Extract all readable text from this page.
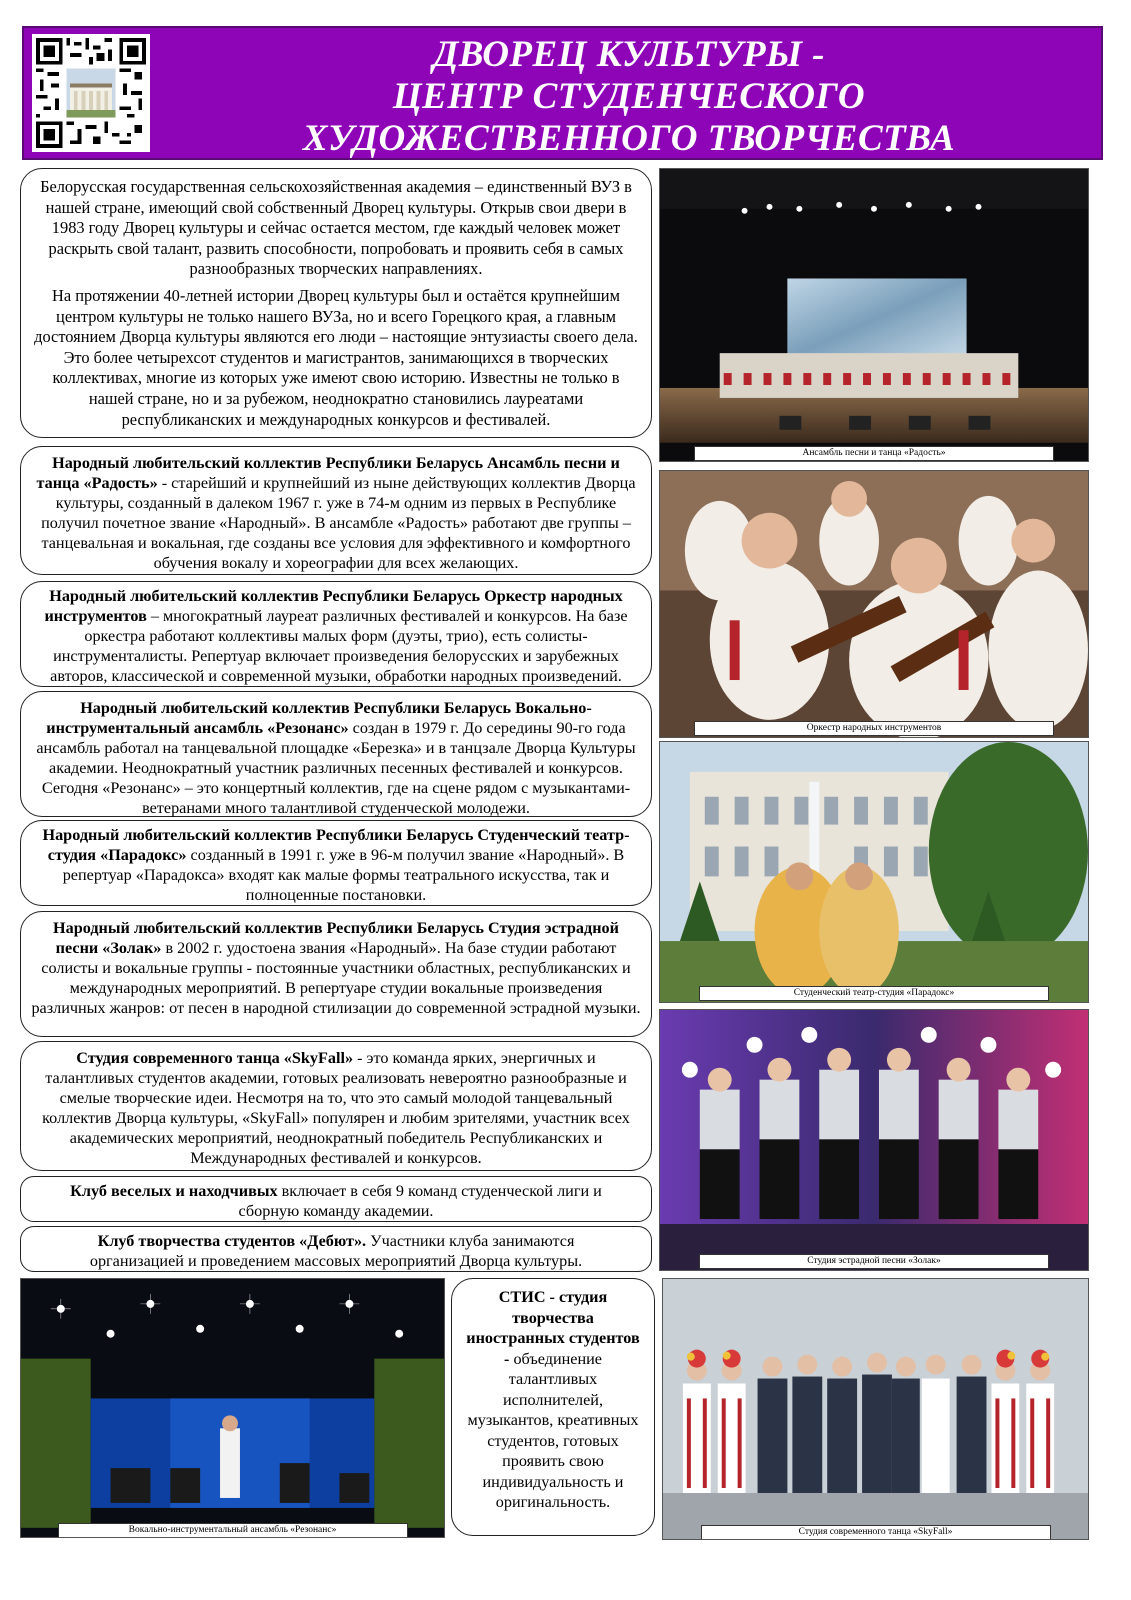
ДВОРЕЦ КУЛЬТУРЫ -
ЦЕНТР СТУДЕНЧЕСКОГО
ХУДОЖЕСТВЕННОГО ТВОРЧЕСТВА

Белорусская государственная сельскохозяйственная академия – единственный ВУЗ в нашей стране, имеющий свой собственный Дворец культуры. Открыв свои двери в 1983 году Дворец культуры и сейчас остается местом, где каждый человек может раскрыть свой талант, развить способности, попробовать и проявить себя в самых разнообразных творческих направлениях.

На протяжении 40-летней истории Дворец культуры был и остаётся крупнейшим центром культуры не только нашего ВУЗа, но и всего Горецкого края, а главным достоянием Дворца культуры являются его люди – настоящие энтузиасты своего дела. Это более четырехсот студентов и магистрантов, занимающихся в творческих коллективах, многие из которых уже имеют свою историю. Известны не только в нашей стране, но и за рубежом, неоднократно становились лауреатами республиканских и международных конкурсов и фестивалей.

Народный любительский коллектив Республики Беларусь Ансамбль песни и танца «Радость» - старейший и крупнейший из ныне действующих коллектив Дворца культуры, созданный в далеком 1967 г. уже в 74-м одним из первых в Республике получил почетное звание «Народный». В ансамбле «Радость» работают две группы – танцевальная и вокальная, где созданы все условия для эффективного и комфортного обучения вокалу и хореографии для всех желающих.

Народный любительский коллектив Республики Беларусь Оркестр народных инструментов – многократный лауреат различных фестивалей и конкурсов. На базе оркестра работают коллективы малых форм (дуэты, трио), есть солисты-инструменталисты. Репертуар включает произведения белорусских и зарубежных авторов, классической и современной музыки, обработки народных произведений.

Народный любительский коллектив Республики Беларусь Вокально-инструментальный ансамбль «Резонанс» создан в 1979 г. До середины 90-го года ансамбль работал на танцевальной площадке «Березка» и в танцзале Дворца Культуры академии. Неоднократный участник различных песенных фестивалей и конкурсов. Сегодня «Резонанс» – это концертный коллектив, где на сцене рядом с музыкантами-ветеранами много талантливой студенческой молодежи.

Народный любительский коллектив Республики Беларусь Студенческий театр-студия «Парадокс» созданный в 1991 г. уже в 96-м получил звание «Народный». В репертуар «Парадокса» входят как малые формы театрального искусства, так и полноценные постановки.

Народный любительский коллектив Республики Беларусь Студия эстрадной песни «Золак» в 2002 г. удостоена звания «Народный». На базе студии работают солисты и вокальные группы - постоянные участники областных, республиканских и международных мероприятий. В репертуаре студии вокальные произведения различных жанров: от песен в народной стилизации до современной эстрадной музыки.

Студия современного танца «SkyFall» - это команда ярких, энергичных и талантливых студентов академии, готовых реализовать невероятно разнообразные и смелые творческие идеи. Несмотря на то, что это самый молодой танцевальный коллектив Дворца культуры, «SkyFall» популярен и любим зрителями, участник всех академических мероприятий, неоднократный победитель Республиканских и Международных фестивалей и конкурсов.

Клуб веселых и находчивых включает в себя 9 команд студенческой лиги и сборную команду академии.

Клуб творчества студентов «Дебют». Участники клуба занимаются организацией и проведением массовых мероприятий Дворца культуры.

СТИС - студия творчества иностранных студентов - объединение талантливых исполнителей, музыкантов, креативных студентов, готовых проявить свою индивидуальность и оригинальность.

Ансамбль песни и танца «Радость»
Оркестр народных инструментов
Студенческий театр-студия «Парадокс»
Студия эстрадной песни «Золак»
Вокально-инструментальный ансамбль «Резонанс»	Студия современного танца «SkyFall»
